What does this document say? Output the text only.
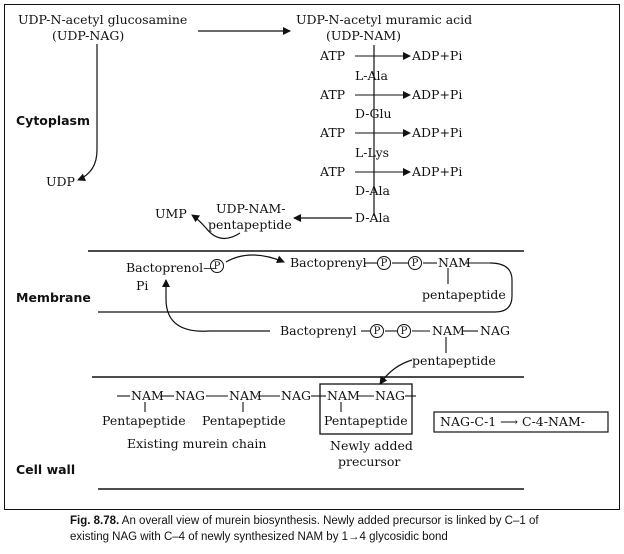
Cytoplasm
Membrane
Cell wall
UDP-N-acetyl glucosamine
(UDP-NAG)
UDP-N-acetyl muramic acid
(UDP-NAM)
ATP	ADP+Pi
L-Ala
ATP	ADP+Pi
D-Glu
ATP	ADP+Pi
L-Lys
ATP	ADP+Pi
D-Ala
D-Ala
UDP
UMP UDP-NAM-
pentapeptide
Bactoprenol—
P
Pi
Bactoprenyl	P	P NAM
pentapeptide
Bactoprenyl	P	P NAM NAG
pentapeptide
NAM NAG NAM NAG NAM NAG
Pentapeptide Pentapeptide	Pentapeptide
Existing murein chain	Newly added
precursor
NAG-C-1 ⟶ C-4-NAM-
Fig. 8.78. An overall view of murein biosynthesis. Newly added precursor is linked by C–1 of existing NAG with C–4 of newly synthesized NAM by 1→4 glycosidic bond
